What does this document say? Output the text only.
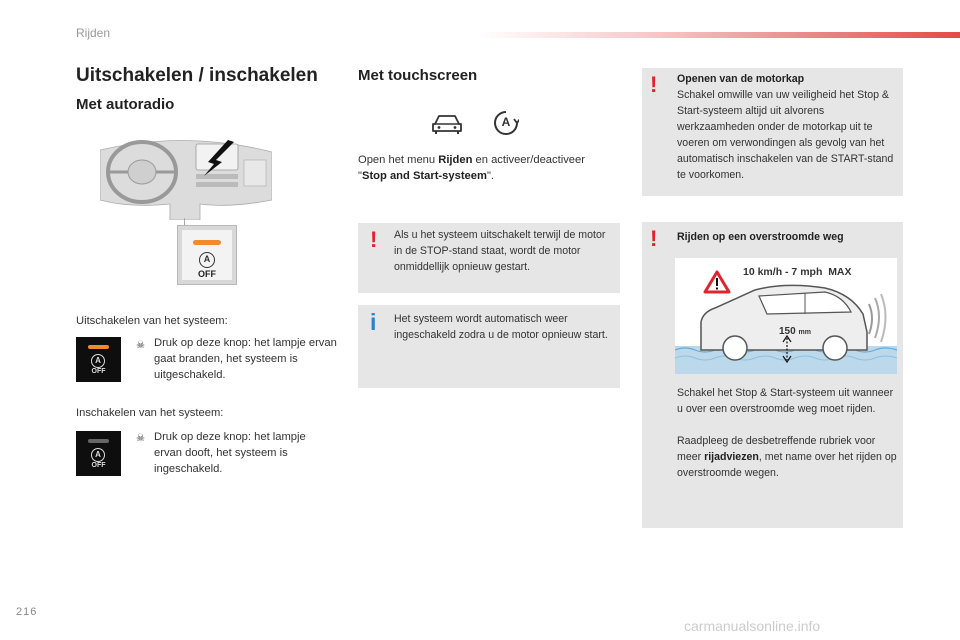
Rijden
Uitschakelen / inschakelen
Met autoradio
A
OFF
Uitschakelen van het systeem:
A
OFF
☠ Druk op deze knop: het lampje ervan gaat branden, het systeem is uitgeschakeld.
Inschakelen van het systeem:
A
OFF
☠ Druk op deze knop: het lampje ervan dooft, het systeem is ingeschakeld.
Met touchscreen
A
Open het menu Rijden en activeer/deactiveer
"Stop and Start-systeem".
! Als u het systeem uitschakelt terwijl de motor in de STOP-stand staat, wordt de motor onmiddellijk opnieuw gestart.
i Het systeem wordt automatisch weer ingeschakeld zodra u de motor opnieuw start.
! Openen van de motorkap
Schakel omwille van uw veiligheid het Stop & Start-systeem altijd uit alvorens werkzaamheden onder de motorkap uit te voeren om verwondingen als gevolg van het automatisch inschakelen van de START-stand te voorkomen.
! Rijden op een overstroomde weg
10 km/h - 7 mph  MAX
150 mm
Schakel het Stop & Start-systeem uit wanneer u over een overstroomde weg moet rijden.
Raadpleeg de desbetreffende rubriek voor meer rijadviezen, met name over het rijden op overstroomde wegen.
216
carmanualsonline.info
